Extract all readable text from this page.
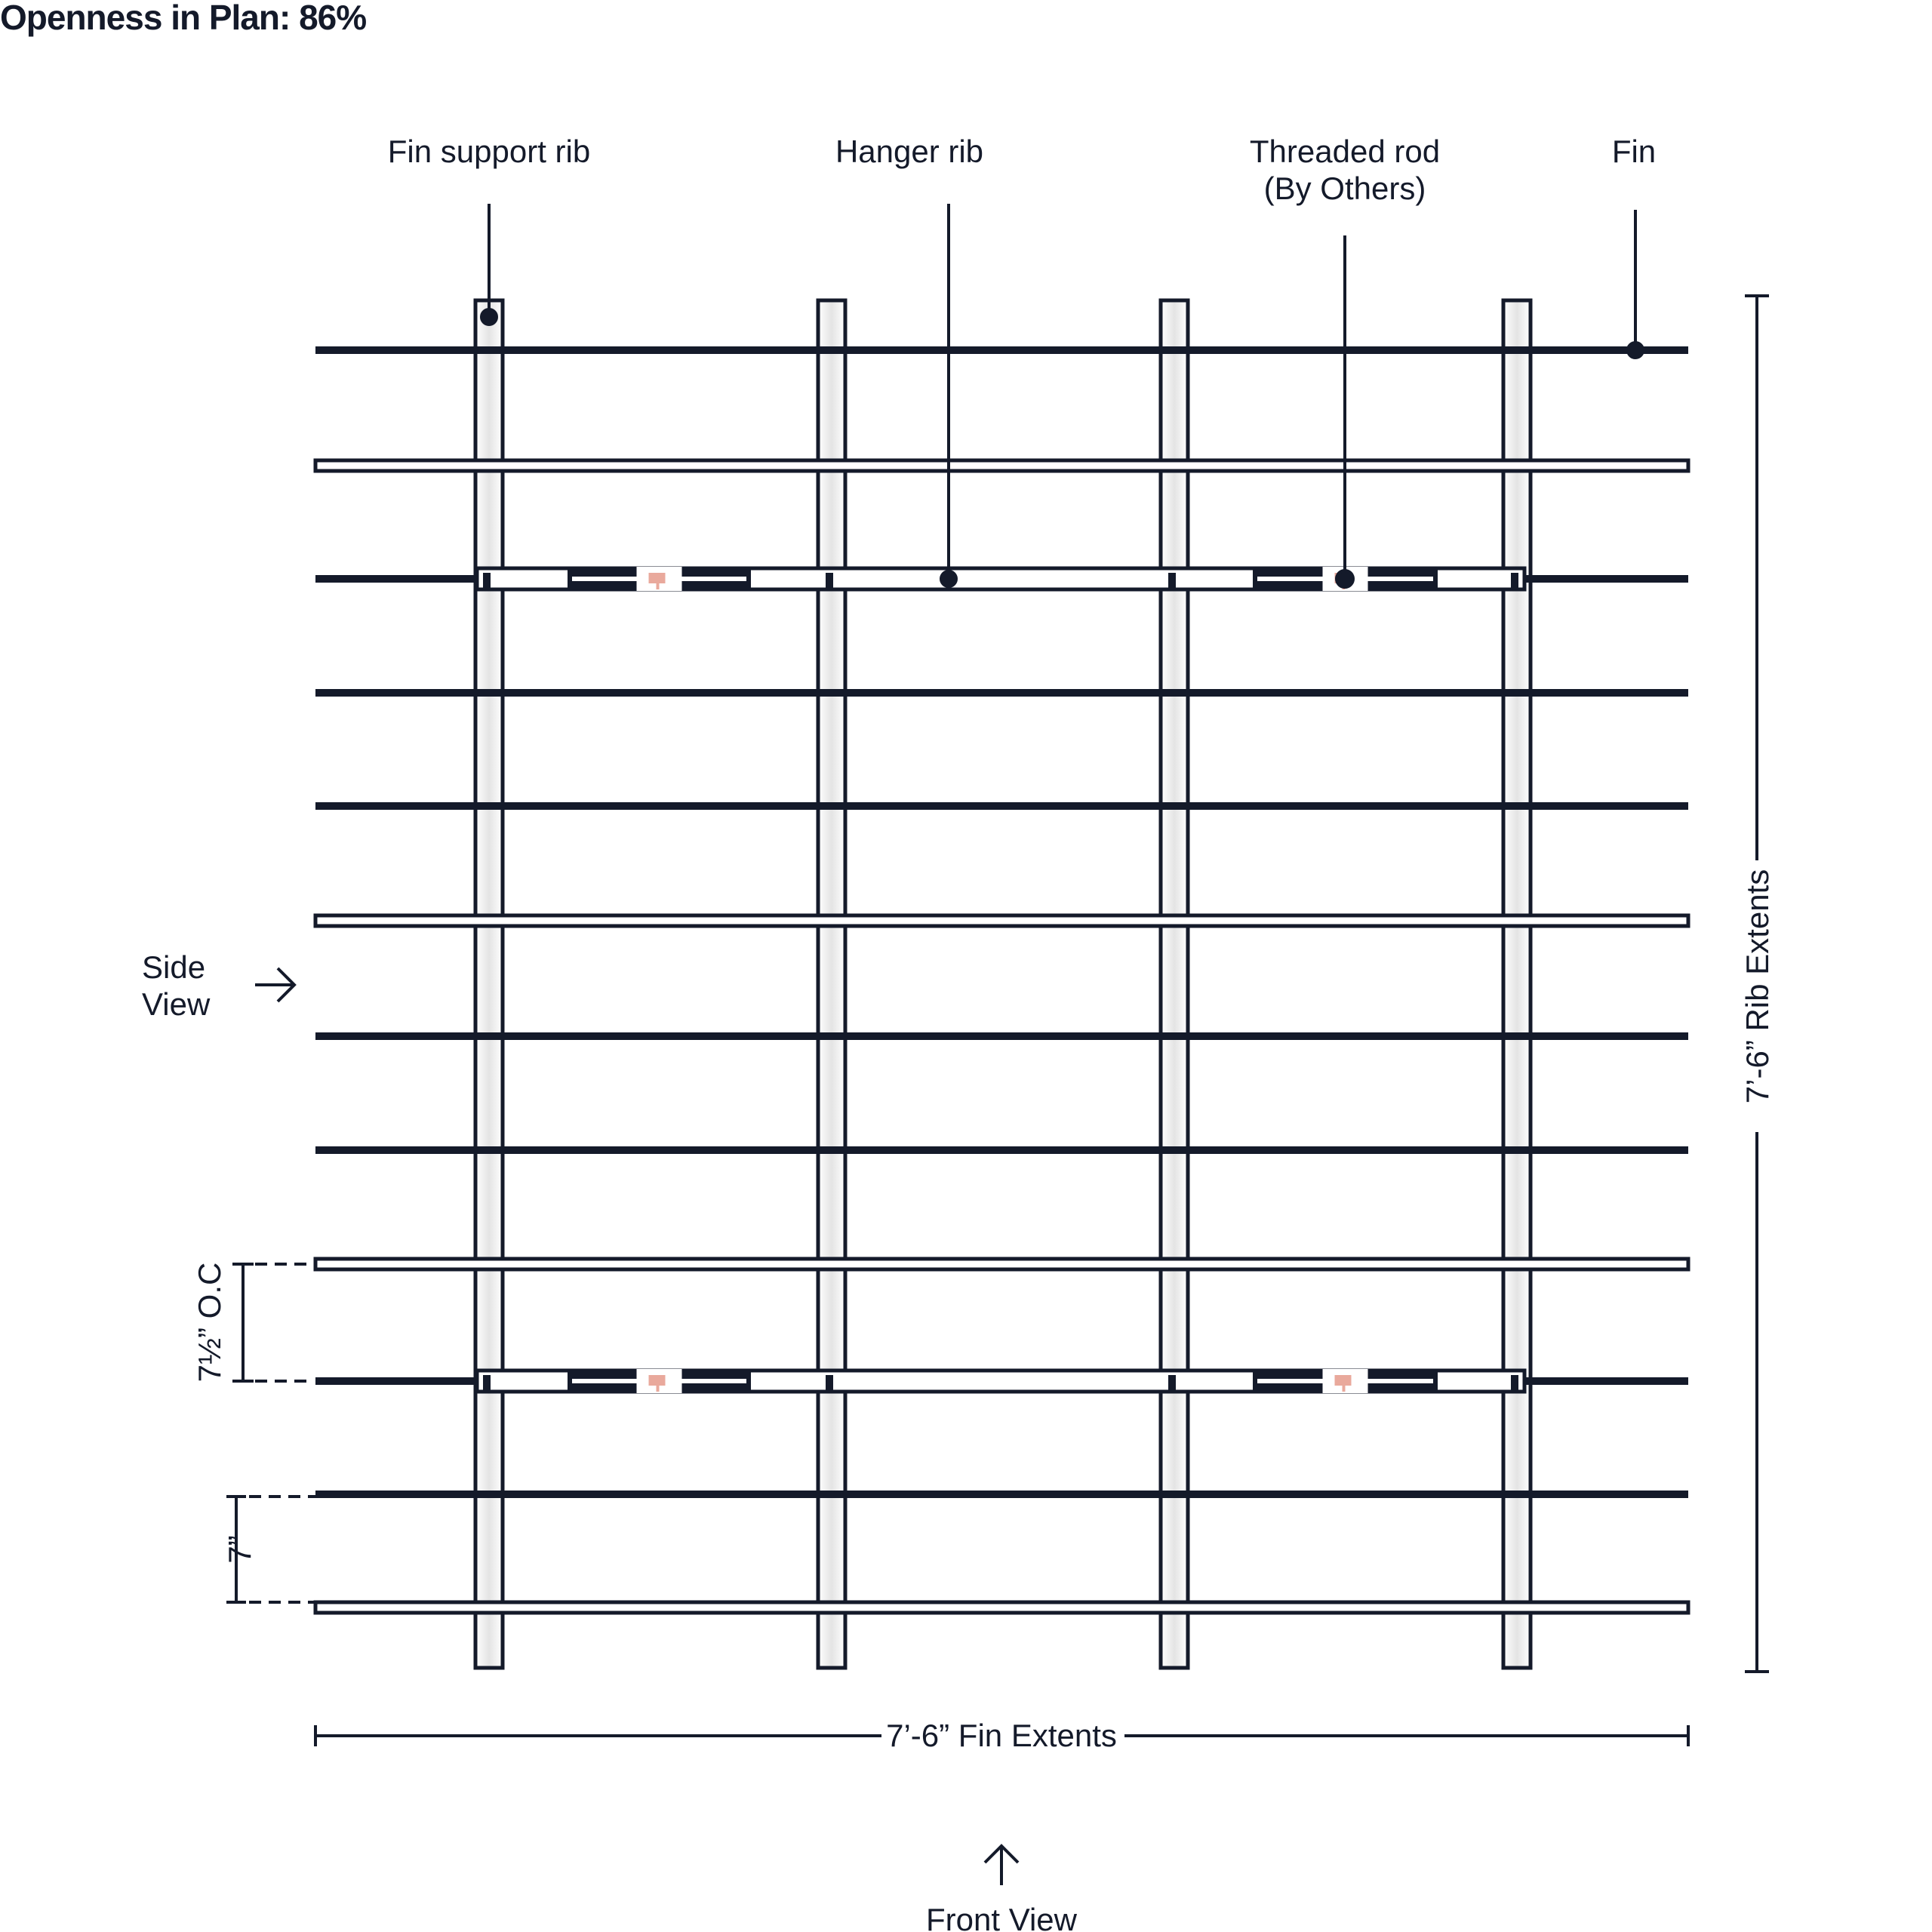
Openness in Plan: 86%
Fin support rib	Hanger rib	Threaded rod
(By Others)
Fin
Side
View
Front View
7’-6” Rib Extents
7’-6” Fin Extents
7½” O.C
7”
